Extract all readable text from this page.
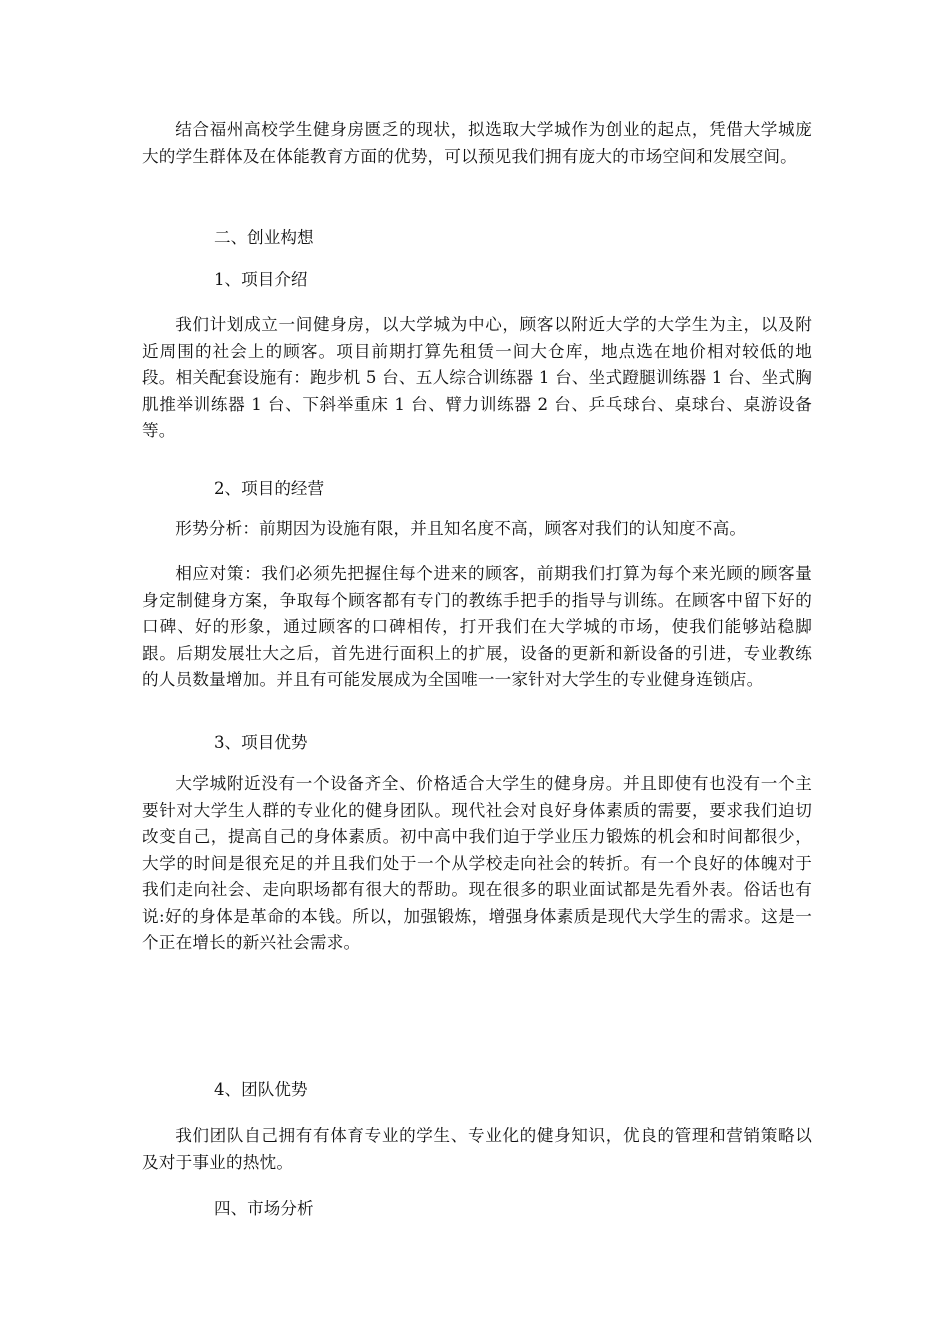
结合福州高校学生健身房匮乏的现状，拟选取大学城作为创业的起点，凭借大学城庞大的学生群体及在体能教育方面的优势，可以预见我们拥有庞大的市场空间和发展空间。

二、创业构想

1、项目介绍

我们计划成立一间健身房，以大学城为中心，顾客以附近大学的大学生为主，以及附近周围的社会上的顾客。项目前期打算先租赁一间大仓库，地点选在地价相对较低的地段。相关配套设施有：跑步机 5 台、五人综合训练器 1 台、坐式蹬腿训练器 1 台、坐式胸肌推举训练器 1 台、下斜举重床 1 台、臂力训练器 2 台、乒乓球台、桌球台、桌游设备等。

2、项目的经营

形势分析：前期因为设施有限，并且知名度不高，顾客对我们的认知度不高。

相应对策：我们必须先把握住每个进来的顾客，前期我们打算为每个来光顾的顾客量身定制健身方案，争取每个顾客都有专门的教练手把手的指导与训练。在顾客中留下好的口碑、好的形象，通过顾客的口碑相传，打开我们在大学城的市场，使我们能够站稳脚跟。后期发展壮大之后，首先进行面积上的扩展，设备的更新和新设备的引进，专业教练的人员数量增加。并且有可能发展成为全国唯一一家针对大学生的专业健身连锁店。

3、项目优势

大学城附近没有一个设备齐全、价格适合大学生的健身房。并且即使有也没有一个主要针对大学生人群的专业化的健身团队。现代社会对良好身体素质的需要，要求我们迫切改变自己，提高自己的身体素质。初中高中我们迫于学业压力锻炼的机会和时间都很少，大学的时间是很充足的并且我们处于一个从学校走向社会的转折。有一个良好的体魄对于我们走向社会、走向职场都有很大的帮助。现在很多的职业面试都是先看外表。俗话也有说:好的身体是革命的本钱。所以，加强锻炼，增强身体素质是现代大学生的需求。这是一个正在增长的新兴社会需求。

4、团队优势

我们团队自己拥有有体育专业的学生、专业化的健身知识，优良的管理和营销策略以及对于事业的热忱。

四、市场分析
